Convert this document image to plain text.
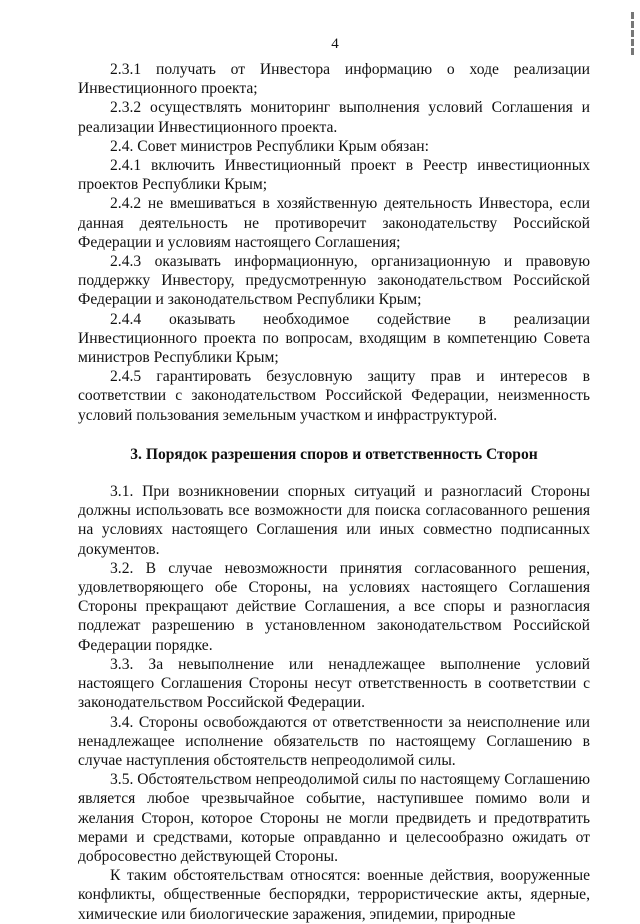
4

2.3.1 получать от Инвестора информацию о ходе реализации Инвестиционного проекта;

2.3.2 осуществлять мониторинг выполнения условий Соглашения и реализации Инвестиционного проекта.

2.4. Совет министров Республики Крым обязан:

2.4.1 включить Инвестиционный проект в Реестр инвестиционных проектов Республики Крым;

2.4.2 не вмешиваться в хозяйственную деятельность Инвестора, если данная деятельность не противоречит законодательству Российской Федерации и условиям настоящего Соглашения;

2.4.3 оказывать информационную, организационную и правовую поддержку Инвестору, предусмотренную законодательством Российской Федерации и законодательством Республики Крым;

2.4.4 оказывать необходимое содействие в реализации Инвестиционного проекта по вопросам, входящим в компетенцию Совета министров Республики Крым;

2.4.5 гарантировать безусловную защиту прав и интересов в соответствии с законодательством Российской Федерации, неизменность условий пользования земельным участком и инфраструктурой.

3. Порядок разрешения споров и ответственность Сторон

3.1. При возникновении спорных ситуаций и разногласий Стороны должны использовать все возможности для поиска согласованного решения на условиях настоящего Соглашения или иных совместно подписанных документов.

3.2. В случае невозможности принятия согласованного решения, удовлетворяющего обе Стороны, на условиях настоящего Соглашения Стороны прекращают действие Соглашения, а все споры и разногласия подлежат разрешению в установленном законодательством Российской Федерации порядке.

3.3. За невыполнение или ненадлежащее выполнение условий настоящего Соглашения Стороны несут ответственность в соответствии с законодательством Российской Федерации.

3.4. Стороны освобождаются от ответственности за неисполнение или ненадлежащее исполнение обязательств по настоящему Соглашению в случае наступления обстоятельств непреодолимой силы.

3.5. Обстоятельством непреодолимой силы по настоящему Соглашению является любое чрезвычайное событие, наступившее помимо воли и желания Сторон, которое Стороны не могли предвидеть и предотвратить мерами и средствами, которые оправданно и целесообразно ожидать от добросовестно действующей Стороны.

К таким обстоятельствам относятся: военные действия, вооруженные конфликты, общественные беспорядки, террористические акты, ядерные, химические или биологические заражения, эпидемии, природные
